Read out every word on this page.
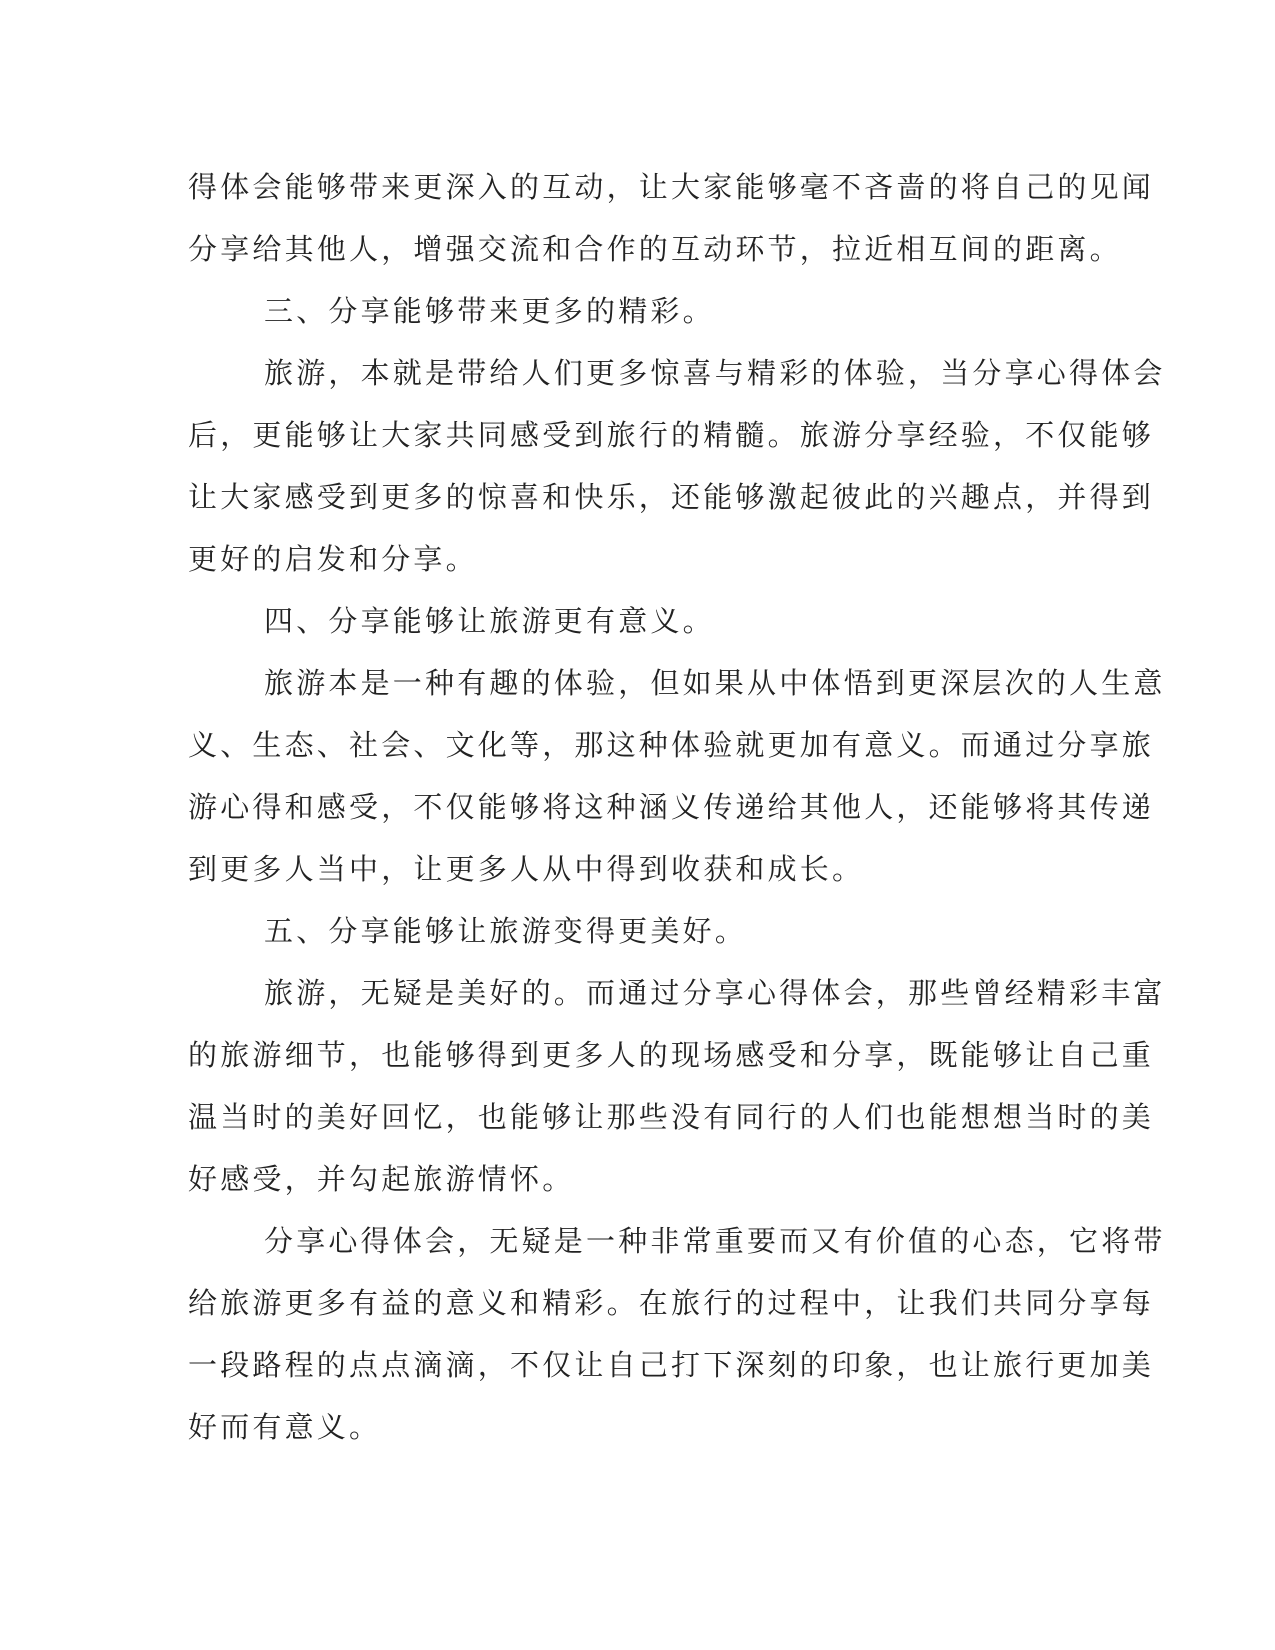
得体会能够带来更深入的互动，让大家能够毫不吝啬的将自己的见闻
分享给其他人，增强交流和合作的互动环节，拉近相互间的距离。
三、分享能够带来更多的精彩。
旅游，本就是带给人们更多惊喜与精彩的体验，当分享心得体会
后，更能够让大家共同感受到旅行的精髓。旅游分享经验，不仅能够
让大家感受到更多的惊喜和快乐，还能够激起彼此的兴趣点，并得到
更好的启发和分享。
四、分享能够让旅游更有意义。
旅游本是一种有趣的体验，但如果从中体悟到更深层次的人生意
义、生态、社会、文化等，那这种体验就更加有意义。而通过分享旅
游心得和感受，不仅能够将这种涵义传递给其他人，还能够将其传递
到更多人当中，让更多人从中得到收获和成长。
五、分享能够让旅游变得更美好。
旅游，无疑是美好的。而通过分享心得体会，那些曾经精彩丰富
的旅游细节，也能够得到更多人的现场感受和分享，既能够让自己重
温当时的美好回忆，也能够让那些没有同行的人们也能想想当时的美
好感受，并勾起旅游情怀。
分享心得体会，无疑是一种非常重要而又有价值的心态，它将带
给旅游更多有益的意义和精彩。在旅行的过程中，让我们共同分享每
一段路程的点点滴滴，不仅让自己打下深刻的印象，也让旅行更加美
好而有意义。
